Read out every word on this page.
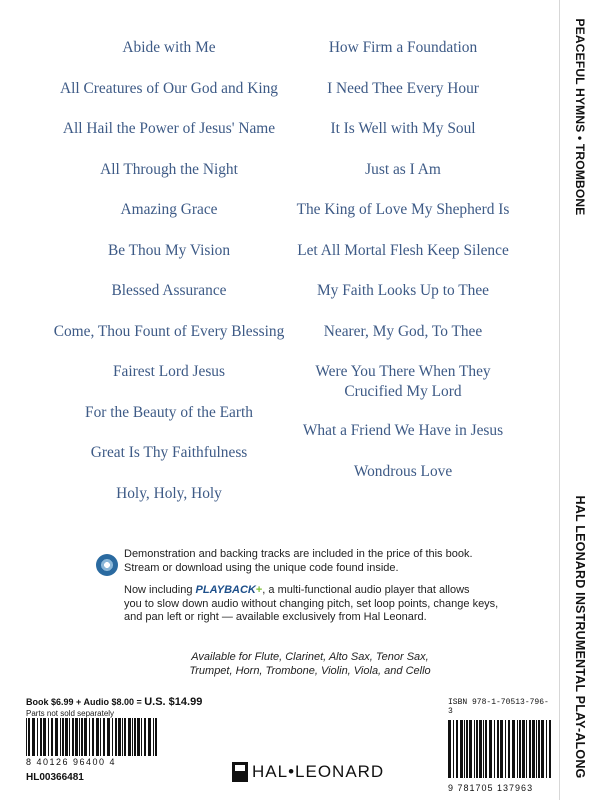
Abide with Me
All Creatures of Our God and King
All Hail the Power of Jesus' Name
All Through the Night
Amazing Grace
Be Thou My Vision
Blessed Assurance
Come, Thou Fount of Every Blessing
Fairest Lord Jesus
For the Beauty of the Earth
Great Is Thy Faithfulness
Holy, Holy, Holy
How Firm a Foundation
I Need Thee Every Hour
It Is Well with My Soul
Just as I Am
The King of Love My Shepherd Is
Let All Mortal Flesh Keep Silence
My Faith Looks Up to Thee
Nearer, My God, To Thee
Were You There When They
Crucified My Lord
What a Friend We Have in Jesus
Wondrous Love
Demonstration and backing tracks are included in the price of this book.
Stream or download using the unique code found inside.
Now including PLAYBACK+, a multi-functional audio player that allows
you to slow down audio without changing pitch, set loop points, change keys,
and pan left or right — available exclusively from Hal Leonard.
Available for Flute, Clarinet, Alto Sax, Tenor Sax,
Trumpet, Horn, Trombone, Violin, Viola, and Cello
Book $6.99 + Audio $8.00 = U.S. $14.99
Parts not sold separately
8 40126 96400 4
HL00366481	HAL•LEONARD
ISBN 978-1-70513-796-3
9 781705 137963
PEACEFUL HYMNS • TROMBONE
HAL LEONARD INSTRUMENTAL PLAY-ALONG
